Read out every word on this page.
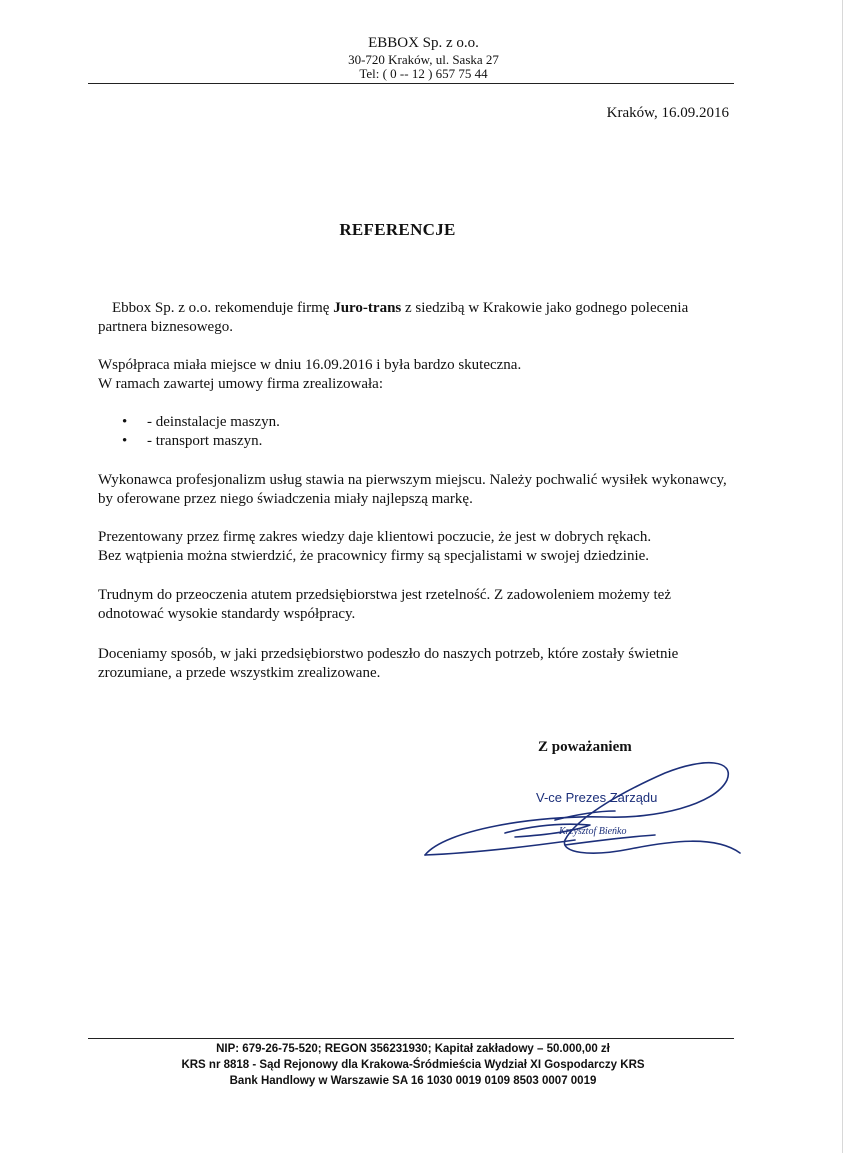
EBBOX Sp. z o.o.
30-720 Kraków, ul. Saska 27
Tel: ( 0 -- 12 ) 657 75 44
Kraków, 16.09.2016
REFERENCJE
Ebbox Sp. z o.o. rekomenduje firmę Juro-trans z siedzibą w Krakowie jako godnego polecenia partnera biznesowego.
Współpraca miała miejsce w dniu 16.09.2016 i była bardzo skuteczna.
W ramach zawartej umowy firma zrealizowała:
• - deinstalacje maszyn.
• - transport maszyn.
Wykonawca profesjonalizm usług stawia na pierwszym miejscu. Należy pochwalić wysiłek wykonawcy, by oferowane przez niego świadczenia miały najlepszą markę.
Prezentowany przez firmę zakres wiedzy daje klientowi poczucie, że jest w dobrych rękach.
Bez wątpienia można stwierdzić, że pracownicy firmy są specjalistami w swojej dziedzinie.
Trudnym do przeoczenia atutem przedsiębiorstwa jest rzetelność. Z zadowoleniem możemy też odnotować wysokie standardy współpracy.
Doceniamy sposób, w jaki przedsiębiorstwo podeszło do naszych potrzeb, które zostały świetnie zrozumiane, a przede wszystkim zrealizowane.
Z poważaniem
V-ce Prezes Zarządu
Krzysztof Bieńko
NIP: 679-26-75-520; REGON 356231930; Kapitał zakładowy – 50.000,00 zł
KRS nr 8818 - Sąd Rejonowy dla Krakowa-Śródmieścia Wydział XI Gospodarczy KRS
Bank Handlowy w Warszawie SA 16 1030 0019 0109 8503 0007 0019
